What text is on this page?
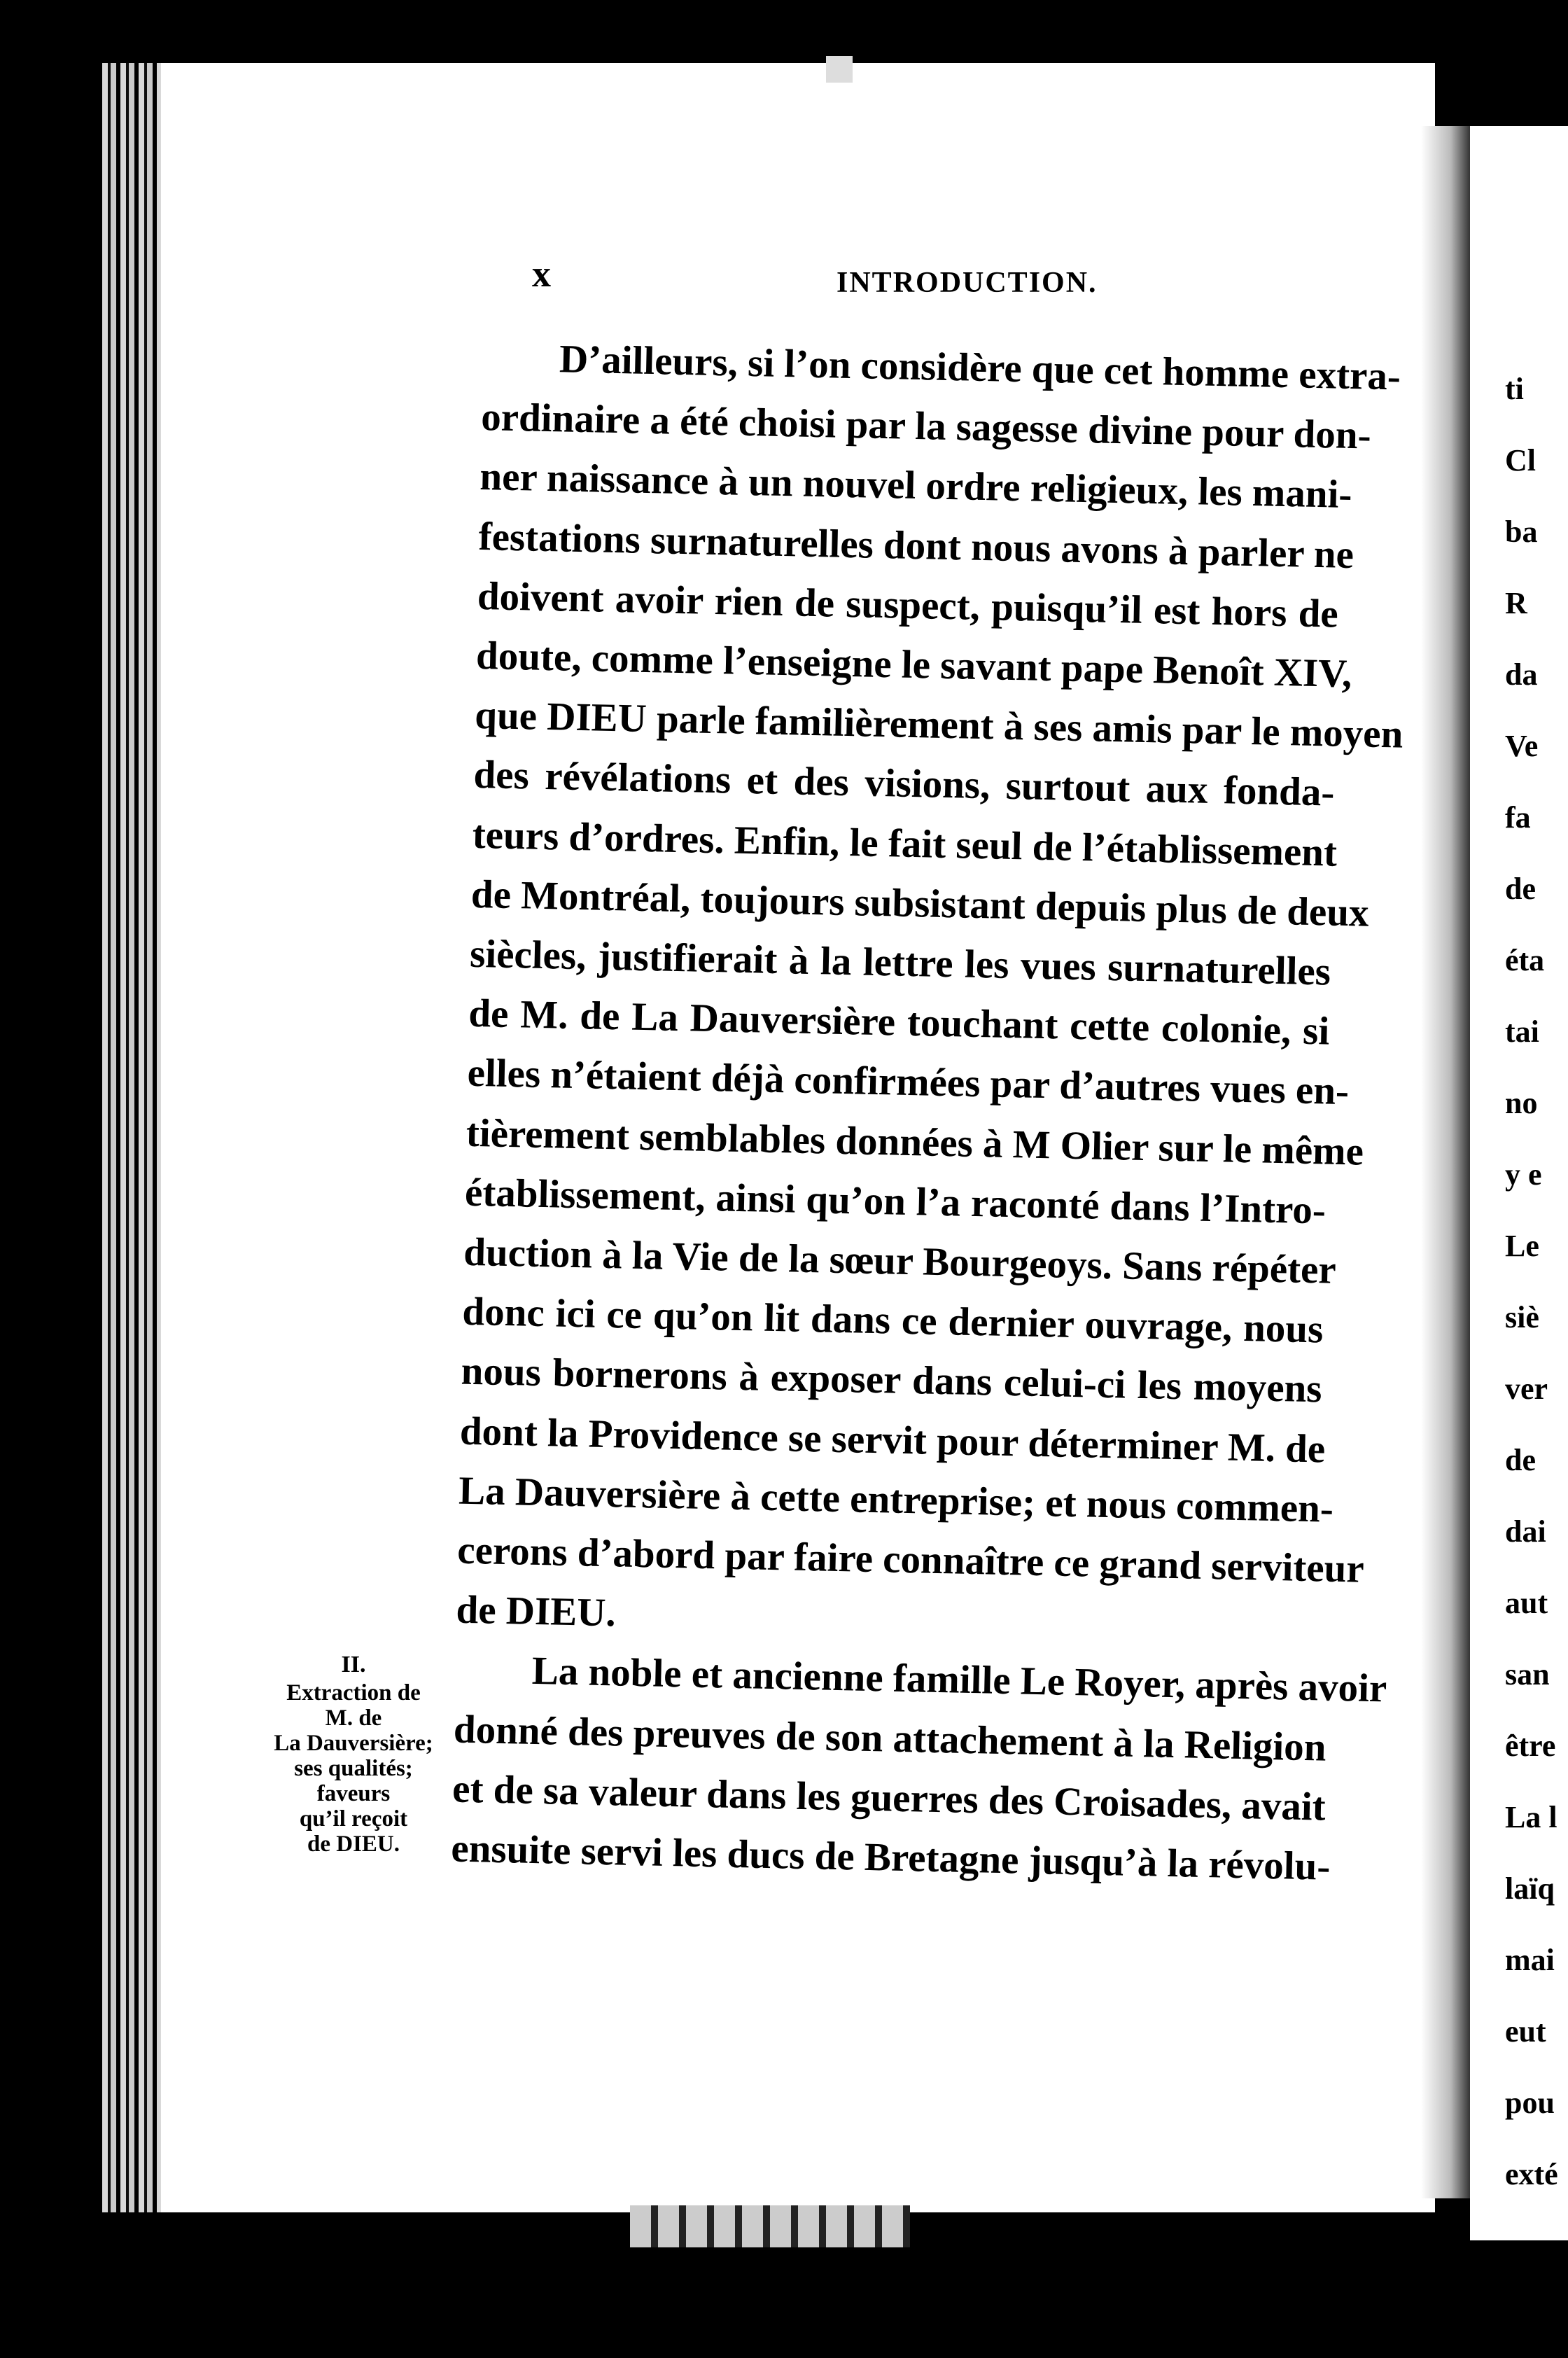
x	INTRODUCTION.
D’ailleurs, si l’on considère que cet homme extra-
ordinaire a été choisi par la sagesse divine pour don-
ner naissance à un nouvel ordre religieux, les mani-
festations surnaturelles dont nous avons à parler ne
doivent avoir rien de suspect, puisqu’il est hors de
doute, comme l’enseigne le savant pape Benoît XIV,
que DIEU parle familièrement à ses amis par le moyen
des révélations et des visions, surtout aux fonda-
teurs d’ordres. Enfin, le fait seul de l’établissement
de Montréal, toujours subsistant depuis plus de deux
siècles, justifierait à la lettre les vues surnaturelles
de M. de La Dauversière touchant cette colonie, si
elles n’étaient déjà confirmées par d’autres vues en-
tièrement semblables données à M Olier sur le même
établissement, ainsi qu’on l’a raconté dans l’Intro-
duction à la Vie de la sœur Bourgeoys. Sans répéter
donc ici ce qu’on lit dans ce dernier ouvrage, nous
nous bornerons à exposer dans celui-ci les moyens
dont la Providence se servit pour déterminer M. de
La Dauversière à cette entreprise; et nous commen-
cerons d’abord par faire connaître ce grand serviteur
de DIEU.
La noble et ancienne famille Le Royer, après avoir
donné des preuves de son attachement à la Religion
et de sa valeur dans les guerres des Croisades, avait
ensuite servi les ducs de Bretagne jusqu’à la révolu-
II.
Extraction de
M. de
La Dauversière;
ses qualités;
faveurs
qu’il reçoit
de DIEU.
ti
Cl
ba
R
da
Ve
fa
de
éta
tai
no
y e
Le
siè
ver
de
dai
aut
san
être
La l
laïq
mai
eut
pou
exté
